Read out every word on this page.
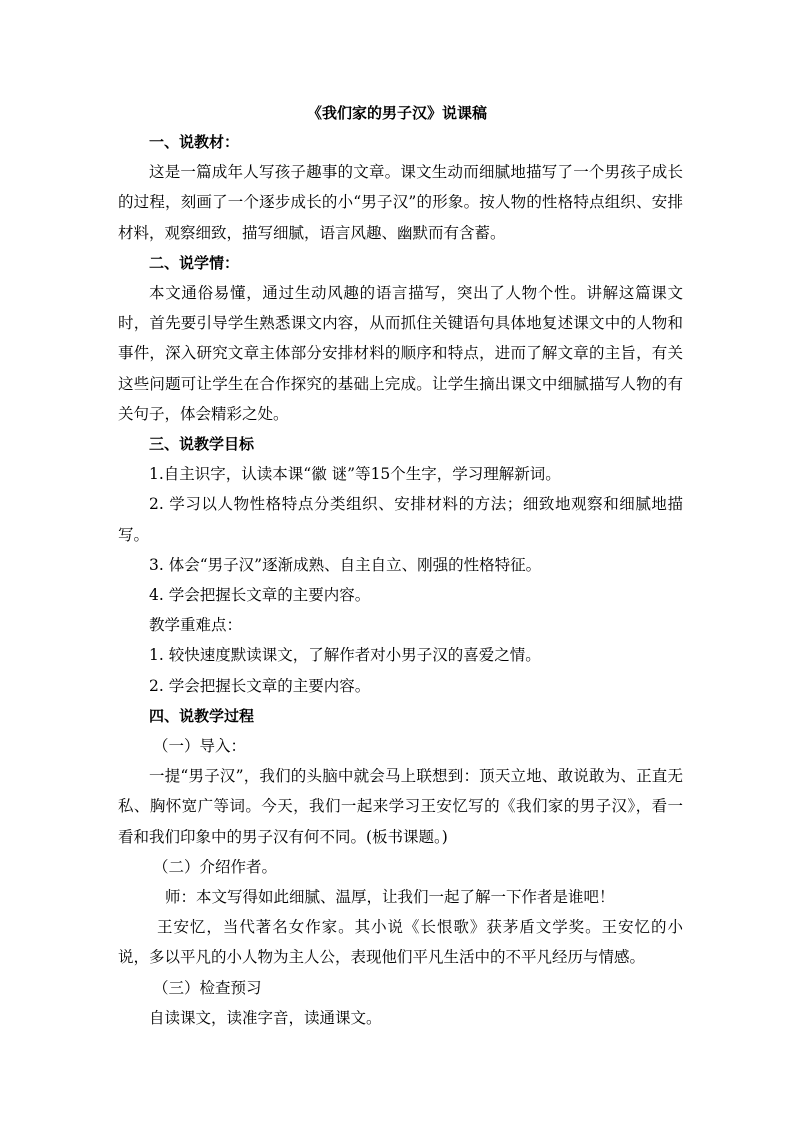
《我们家的男子汉》说课稿

一、说教材：

这是一篇成年人写孩子趣事的文章。课文生动而细腻地描写了一个男孩子成长的过程，刻画了一个逐步成长的小“男子汉”的形象。按人物的性格特点组织、安排材料，观察细致，描写细腻，语言风趣、幽默而有含蓄。

二、说学情：

本文通俗易懂，通过生动风趣的语言描写，突出了人物个性。讲解这篇课文时，首先要引导学生熟悉课文内容，从而抓住关键语句具体地复述课文中的人物和事件，深入研究文章主体部分安排材料的顺序和特点，进而了解文章的主旨，有关这些问题可让学生在合作探究的基础上完成。让学生摘出课文中细腻描写人物的有关句子，体会精彩之处。

三、说教学目标

1.自主识字，认读本课“徽 谜”等15个生字，学习理解新词。

2. 学习以人物性格特点分类组织、安排材料的方法；细致地观察和细腻地描写。

3. 体会“男子汉”逐渐成熟、自主自立、刚强的性格特征。

4. 学会把握长文章的主要内容。

教学重难点：

1. 较快速度默读课文，了解作者对小男子汉的喜爱之情。

2. 学会把握长文章的主要内容。

四、说教学过程

（一）导入：

一提“男子汉”，我们的头脑中就会马上联想到：顶天立地、敢说敢为、正直无私、胸怀宽广等词。今天，我们一起来学习王安忆写的《我们家的男子汉》，看一看和我们印象中的男子汉有何不同。(板书课题。)

（二）介绍作者。

师：本文写得如此细腻、温厚，让我们一起了解一下作者是谁吧！

王安忆，当代著名女作家。其小说《长恨歌》获茅盾文学奖。王安忆的小说，多以平凡的小人物为主人公，表现他们平凡生活中的不平凡经历与情感。

（三）检查预习

自读课文，读准字音，读通课文。
